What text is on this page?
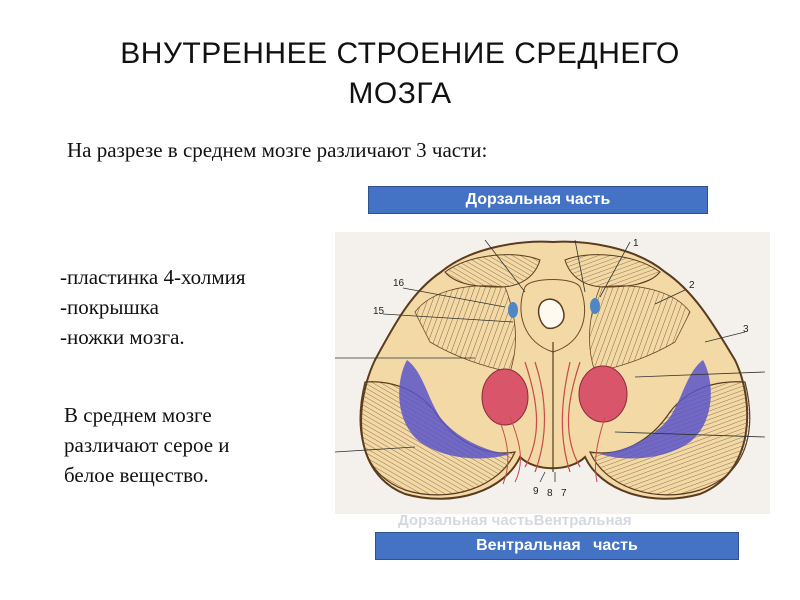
ВНУТРЕННЕЕ СТРОЕНИЕ СРЕДНЕГО
МОЗГА
На разрезе в среднем мозге различают 3 части:
-пластинка 4-холмия
-покрышка
-ножки мозга.
В среднем мозге
различают серое и
белое вещество.
Дорзальная часть
1
2
3
16
15
9 8 7
Дорзальная частьВентральная
Вентральная часть
